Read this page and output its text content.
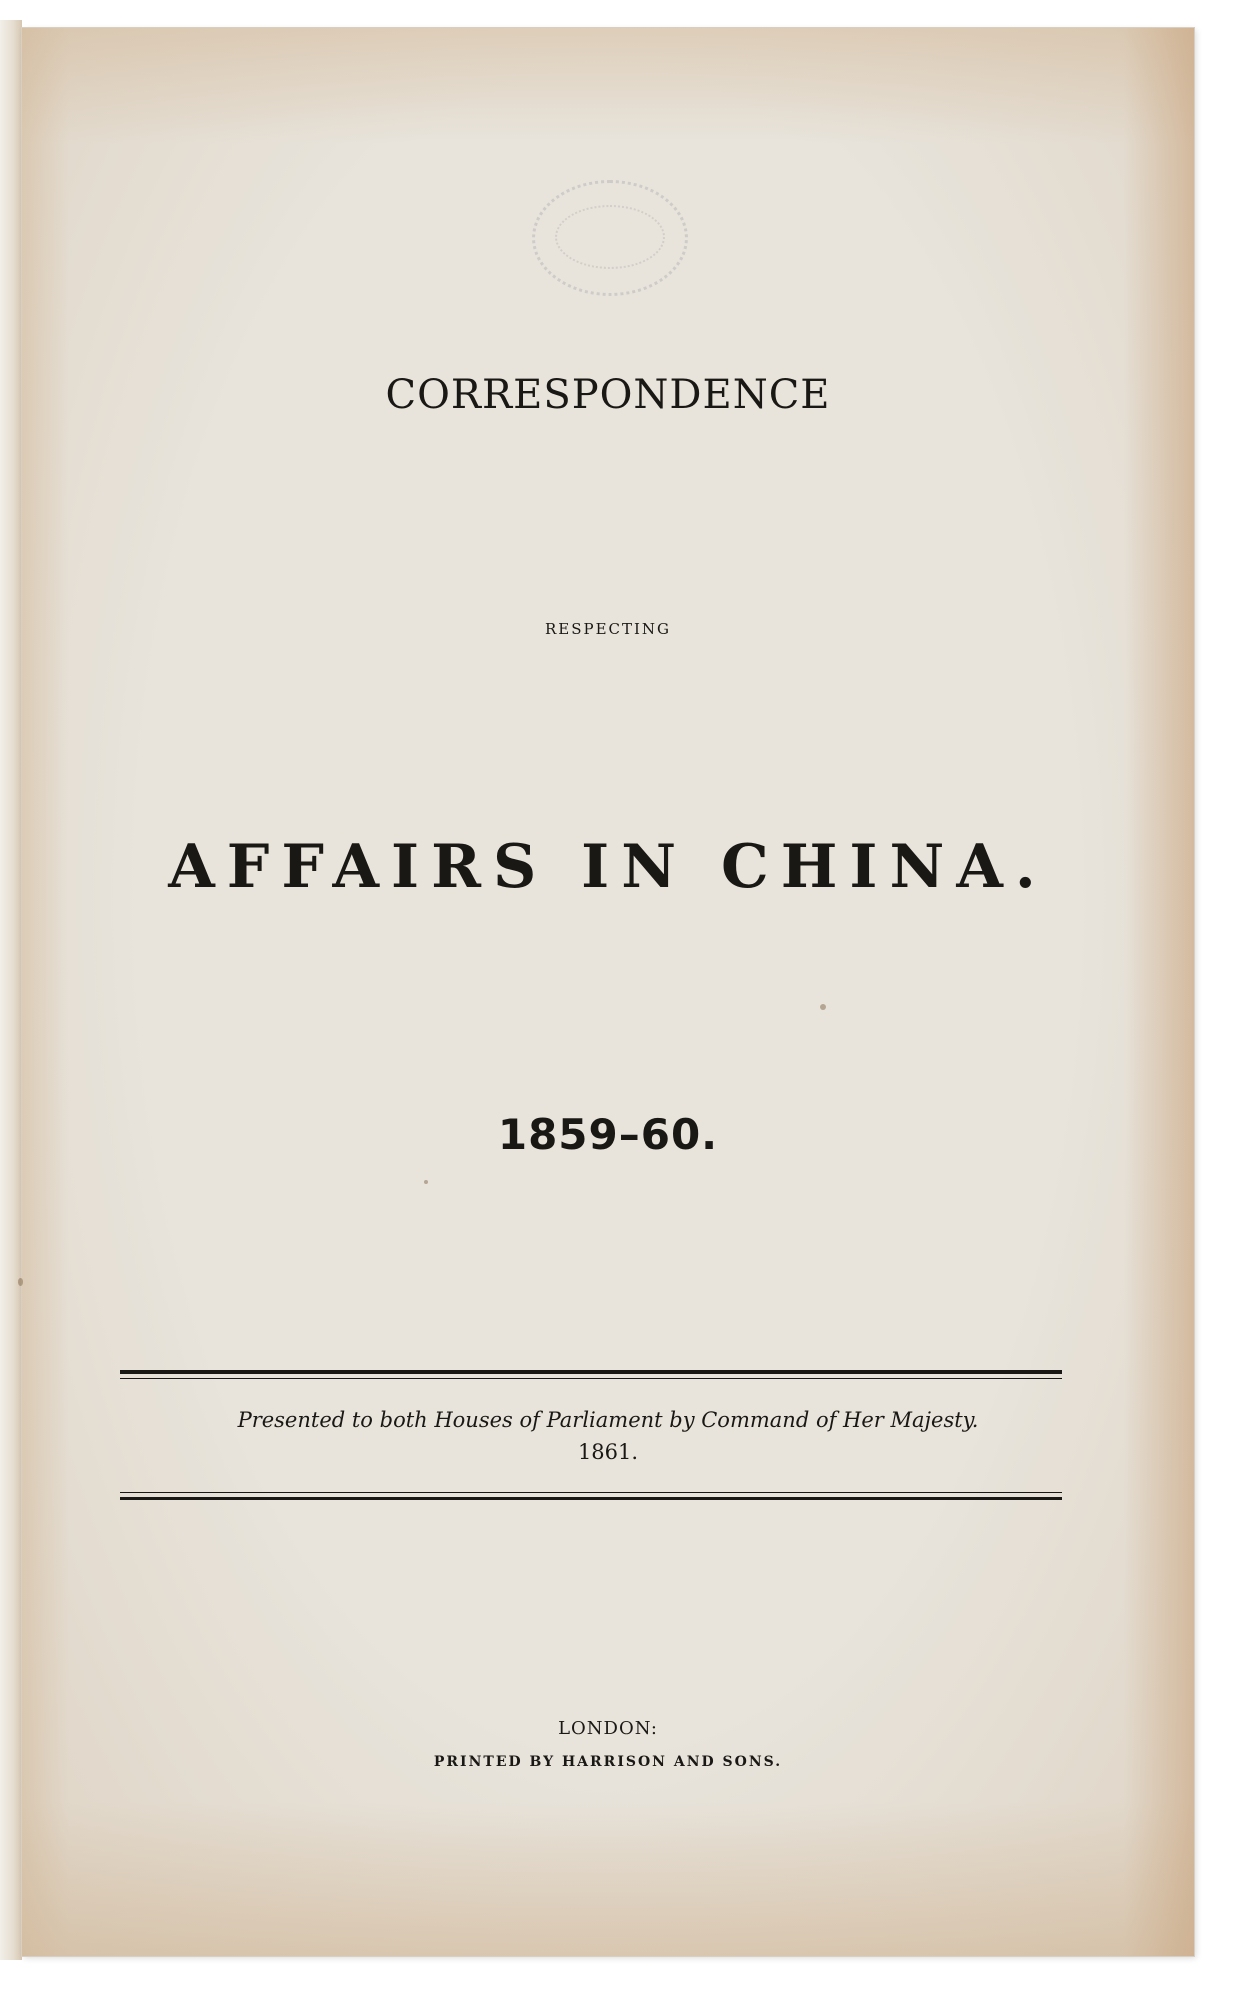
CORRESPONDENCE
RESPECTING
AFFAIRS IN CHINA.
1859–60.
Presented to both Houses of Parliament by Command of Her Majesty.
1861.
LONDON:
PRINTED BY HARRISON AND SONS.
